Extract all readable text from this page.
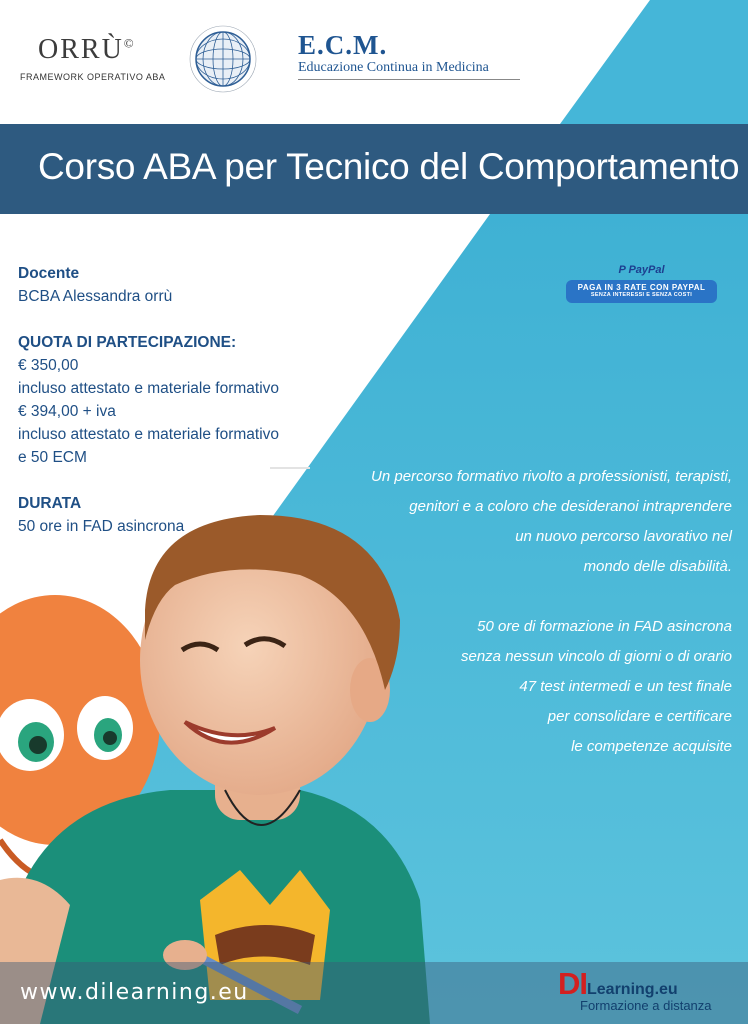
ORRÙ©
FRAMEWORK OPERATIVO ABA
E.C.M.
Educazione Continua in Medicina
Corso ABA per Tecnico del Comportamento
Docente
BCBA Alessandra orrù
QUOTA DI PARTECIPAZIONE:
€ 350,00
incluso attestato e materiale formativo
€ 394,00 + iva
incluso attestato e materiale formativo
e 50 ECM
DURATA
50 ore in FAD asincrona
P PayPal
PAGA IN 3 RATE CON PAYPAL
SENZA INTERESSI E SENZA COSTI
Un percorso formativo rivolto a professionisti, terapisti,
genitori e a coloro che desideranoi intraprendere
un nuovo percorso lavorativo nel
mondo delle disabilità.
50 ore di formazione in FAD asincrona
senza nessun vincolo di giorni o di orario
47 test intermedi e un test finale
per consolidare e certificare
le competenze acquisite
www.dilearning.eu	DILearning.eu
Formazione a distanza
